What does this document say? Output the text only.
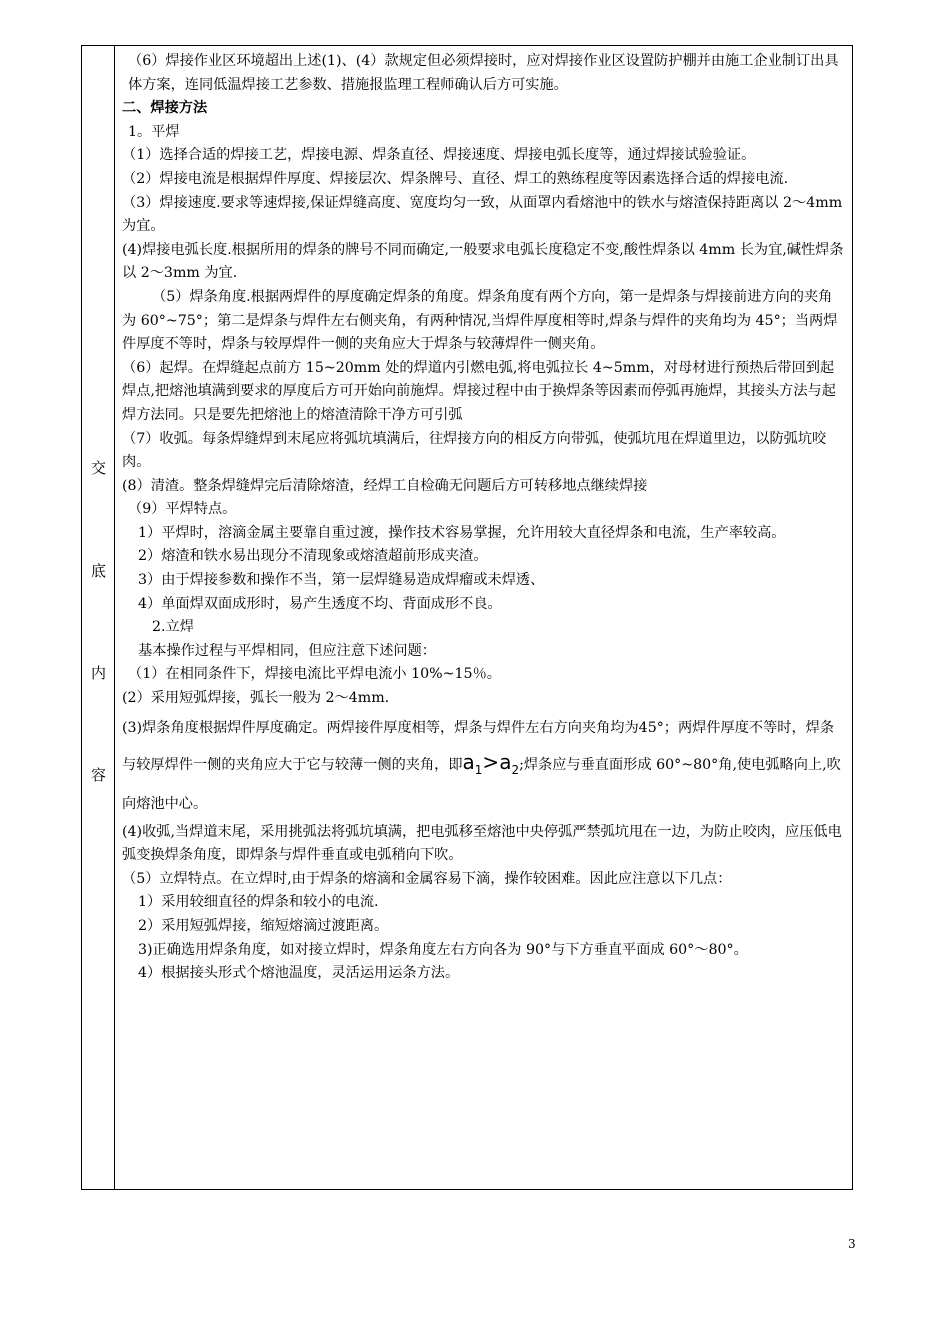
交
底
内
容

（6）焊接作业区环境超出上述(1)、(4）款规定但必须焊接时，应对焊接作业区设置防护棚并由施工企业制订出具体方案，连同低温焊接工艺参数、措施报监理工程师确认后方可实施。

二、焊接方法

1。平焊

（1）选择合适的焊接工艺，焊接电源、焊条直径、焊接速度、焊接电弧长度等，通过焊接试验验证。

（2）焊接电流是根据焊件厚度、焊接层次、焊条牌号、直径、焊工的熟练程度等因素选择合适的焊接电流.

（3）焊接速度.要求等速焊接,保证焊缝高度、宽度均匀一致，从面罩内看熔池中的铁水与熔渣保持距离以 2～4mm 为宜。

(4)焊接电弧长度.根据所用的焊条的牌号不同而确定,一般要求电弧长度稳定不变,酸性焊条以 4mm 长为宜,碱性焊条以 2～3mm 为宜.

（5）焊条角度.根据两焊件的厚度确定焊条的角度。焊条角度有两个方向，第一是焊条与焊接前进方向的夹角为 60°~75°；第二是焊条与焊件左右侧夹角，有两种情况,当焊件厚度相等时,焊条与焊件的夹角均为 45°；当两焊件厚度不等时，焊条与较厚焊件一侧的夹角应大于焊条与较薄焊件一侧夹角。

（6）起焊。在焊缝起点前方 15~20mm 处的焊道内引燃电弧,将电弧拉长 4~5mm，对母材进行预热后带回到起焊点,把熔池填满到要求的厚度后方可开始向前施焊。焊接过程中由于换焊条等因素而停弧再施焊，其接头方法与起焊方法同。只是要先把熔池上的熔渣清除干净方可引弧

（7）收弧。每条焊缝焊到末尾应将弧坑填满后，往焊接方向的相反方向带弧，使弧坑甩在焊道里边，以防弧坑咬肉。

(8）清渣。整条焊缝焊完后清除熔渣，经焊工自检确无问题后方可转移地点继续焊接

（9）平焊特点。

1）平焊时，溶滴金属主要靠自重过渡，操作技术容易掌握，允许用较大直径焊条和电流，生产率较高。

2）熔渣和铁水易出现分不清现象或熔渣超前形成夹渣。

3）由于焊接参数和操作不当，第一层焊缝易造成焊瘤或未焊透、

4）单面焊双面成形时，易产生透度不均、背面成形不良。

2.立焊

基本操作过程与平焊相同，但应注意下述问题：

（1）在相同条件下，焊接电流比平焊电流小 10%~15％。

(2）采用短弧焊接，弧长一般为 2～4mm.

(3)焊条角度根据焊件厚度确定。两焊接件厚度相等，焊条与焊件左右方向夹角均为45°；两焊件厚度不等时，焊条与较厚焊件一侧的夹角应大于它与较薄一侧的夹角，即$a_1>a_2$;焊条应与垂直面形成 60°~80°角,使电弧略向上,吹向熔池中心。

(4)收弧,当焊道末尾，采用挑弧法将弧坑填满，把电弧移至熔池中央停弧严禁弧坑甩在一边，为防止咬肉，应压低电弧变换焊条角度，即焊条与焊件垂直或电弧稍向下吹。

（5）立焊特点。在立焊时,由于焊条的熔滴和金属容易下滴，操作较困难。因此应注意以下几点：

1）采用较细直径的焊条和较小的电流.

2）采用短弧焊接，缩短熔滴过渡距离。

3)正确选用焊条角度，如对接立焊时，焊条角度左右方向各为 90°与下方垂直平面成 60°～80°。

4）根据接头形式个熔池温度，灵活运用运条方法。

3
